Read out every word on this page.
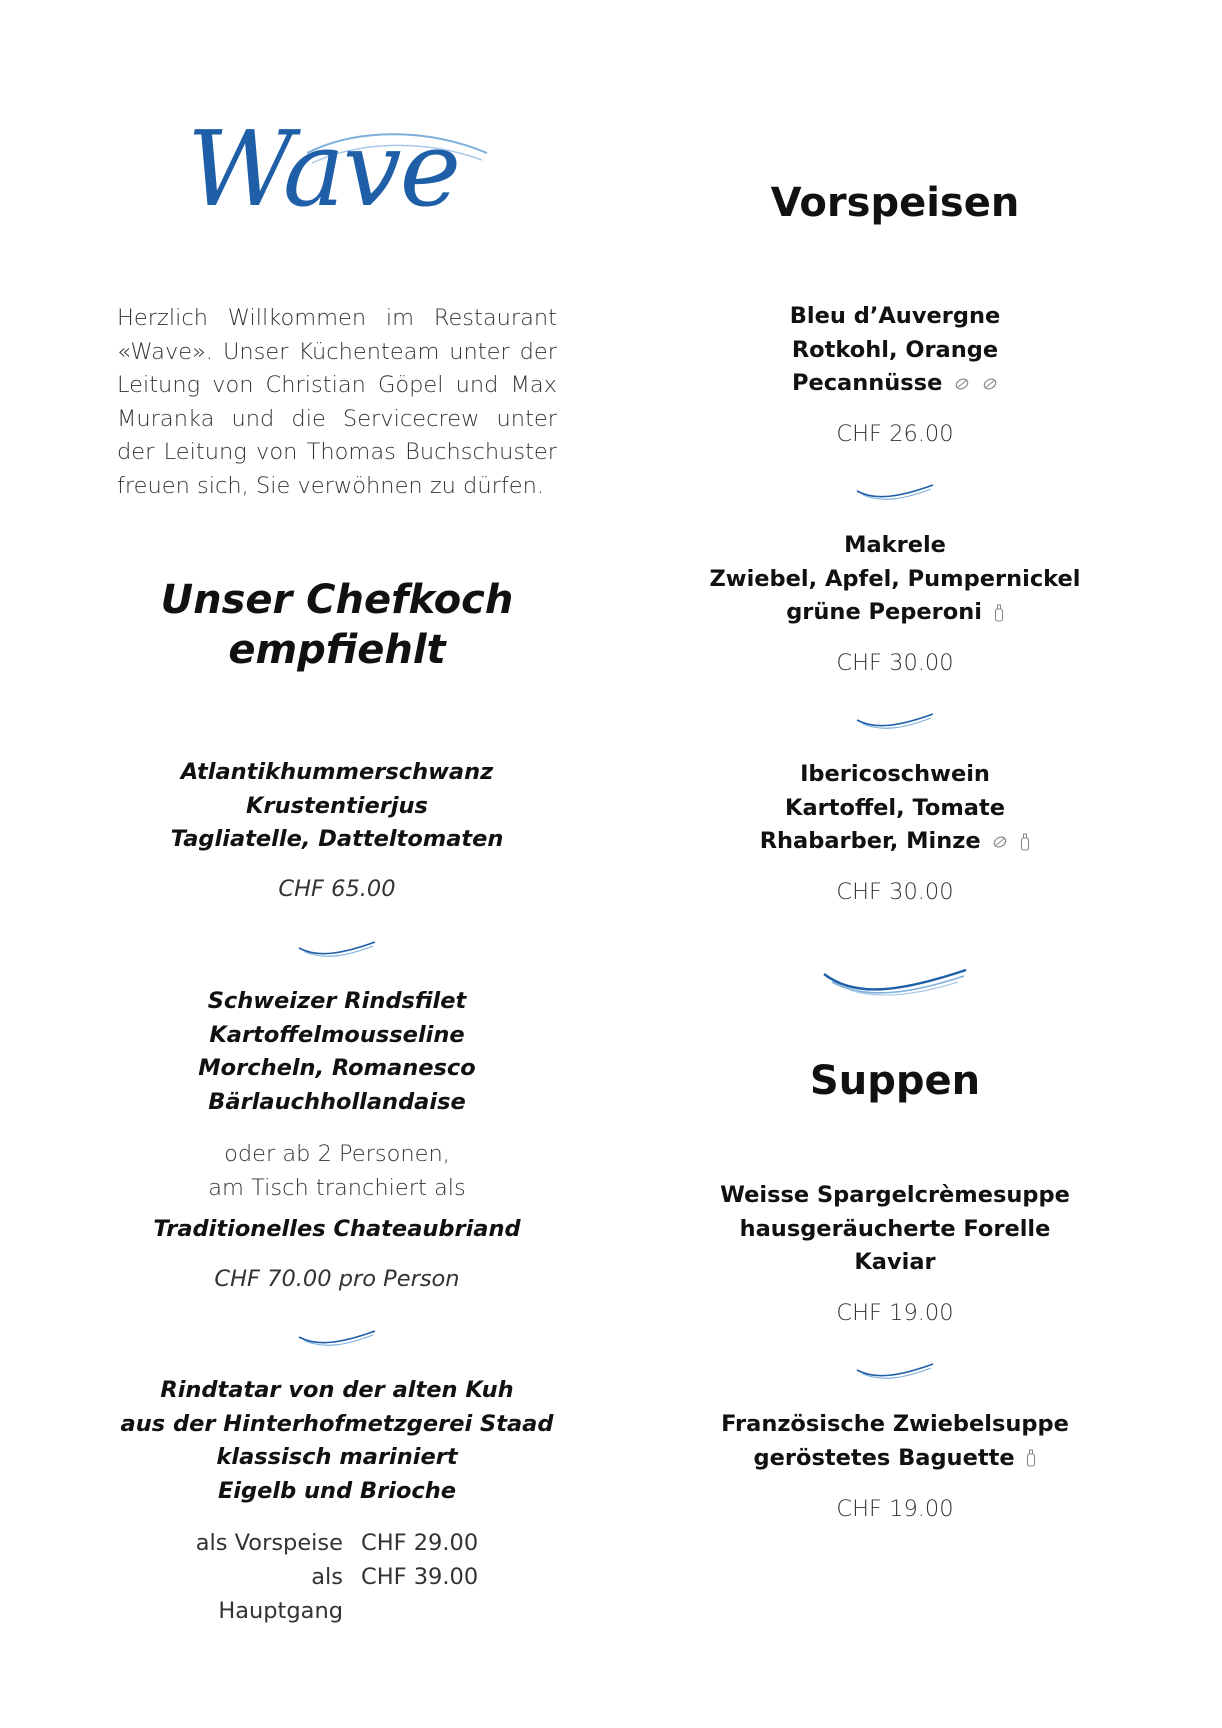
Wave
Herzlich Willkommen im Restaurant «Wave». Unser Küchenteam unter der Leitung von Christian Göpel und Max Muranka und die Servicecrew unter der Leitung von Thomas Buchschuster freuen sich, Sie verwöhnen zu dürfen.
Unser Chefkoch
empfiehlt
Atlantikhummerschwanz
Krustentierjus
Tagliatelle, Datteltomaten
CHF 65.00
Schweizer Rindsfilet
Kartoffelmousseline
Morcheln, Romanesco
Bärlauchhollandaise
oder ab 2 Personen,
am Tisch tranchiert als
Traditionelles Chateaubriand
CHF 70.00 pro Person
Rindtatar von der alten Kuh
aus der Hinterhofmetzgerei Staad
klassisch mariniert
Eigelb und Brioche
als Vorspeise CHF 29.00
als Hauptgang
CHF 39.00
Vorspeisen
Bleu d’Auvergne
Rotkohl, Orange
Pecannüsse
CHF 26.00
Makrele
Zwiebel, Apfel, Pumpernickel
grüne Peperoni
CHF 30.00
Ibericoschwein
Kartoffel, Tomate
Rhabarber, Minze
CHF 30.00
Suppen
Weisse Spargelcrèmesuppe
hausgeräucherte Forelle
Kaviar
CHF 19.00
Französische Zwiebelsuppe
geröstetes Baguette
CHF 19.00
